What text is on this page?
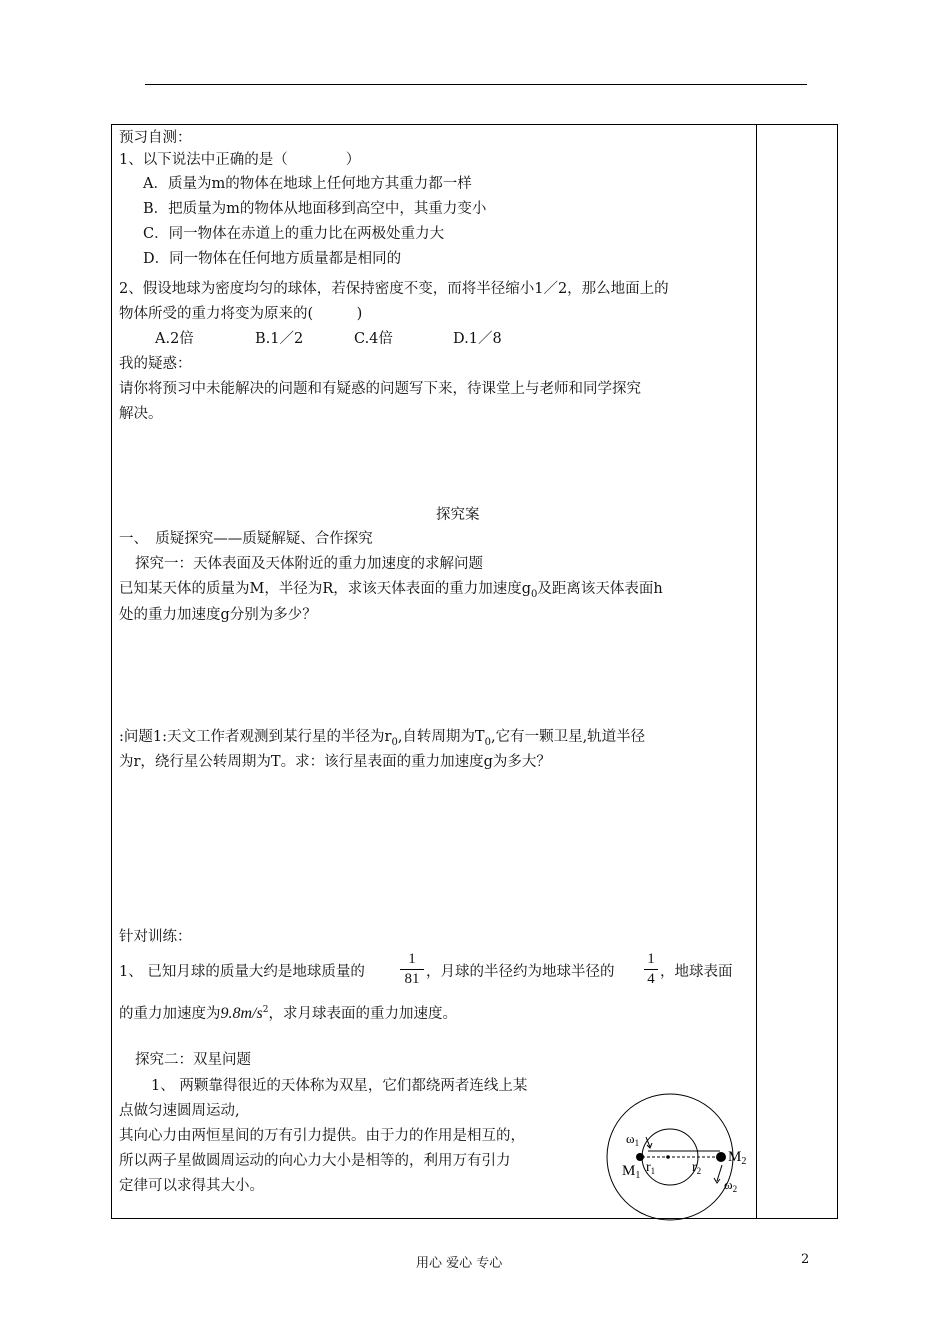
预习自测：
1、以下说法中正确的是（　　　　）
A．质量为m的物体在地球上任何地方其重力都一样
B．把质量为m的物体从地面移到高空中，其重力变小
C．同一物体在赤道上的重力比在两极处重力大
D．同一物体在任何地方质量都是相同的
2、假设地球为密度均匀的球体，若保持密度不变，而将半径缩小1／2，那么地面上的
物体所受的重力将变为原来的(　　　)
A.2倍	B.1／2	C.4倍	D.1／8
我的疑惑：
请你将预习中未能解决的问题和有疑惑的问题写下来，待课堂上与老师和同学探究
解决。
探究案
一、　质疑探究——质疑解疑、合作探究
探究一：天体表面及天体附近的重力加速度的求解问题
已知某天体的质量为M，半径为R，求该天体表面的重力加速度$g_0$及距离该天体表面h
处的重力加速度g分别为多少？
:问题1:天文工作者观测到某行星的半径为$r_0$,自转周期为$T_0$,它有一颗卫星,轨道半径
为r，绕行星公转周期为T。求：该行星表面的重力加速度g为多大？
针对训练：
1、 已知月球的质量大约是地球质量的
1
81 ，月球的半径约为地球半径的
1
4 ，地球表面
的重力加速度为$9.8m/s^2$，求月球表面的重力加速度。
探究二：双星问题
1、 两颗靠得很近的天体称为双星，它们都绕两者连线上某
点做匀速圆周运动,
其向心力由两恒星间的万有引力提供。由于力的作用是相互的，
所以两子星做圆周运动的向心力大小是相等的，利用万有引力
定律可以求得其大小。
$\omega_1$
$M_1$
$r_1$	$r_2$
$M_2$
$\omega_2$
用心 爱心 专心	2
